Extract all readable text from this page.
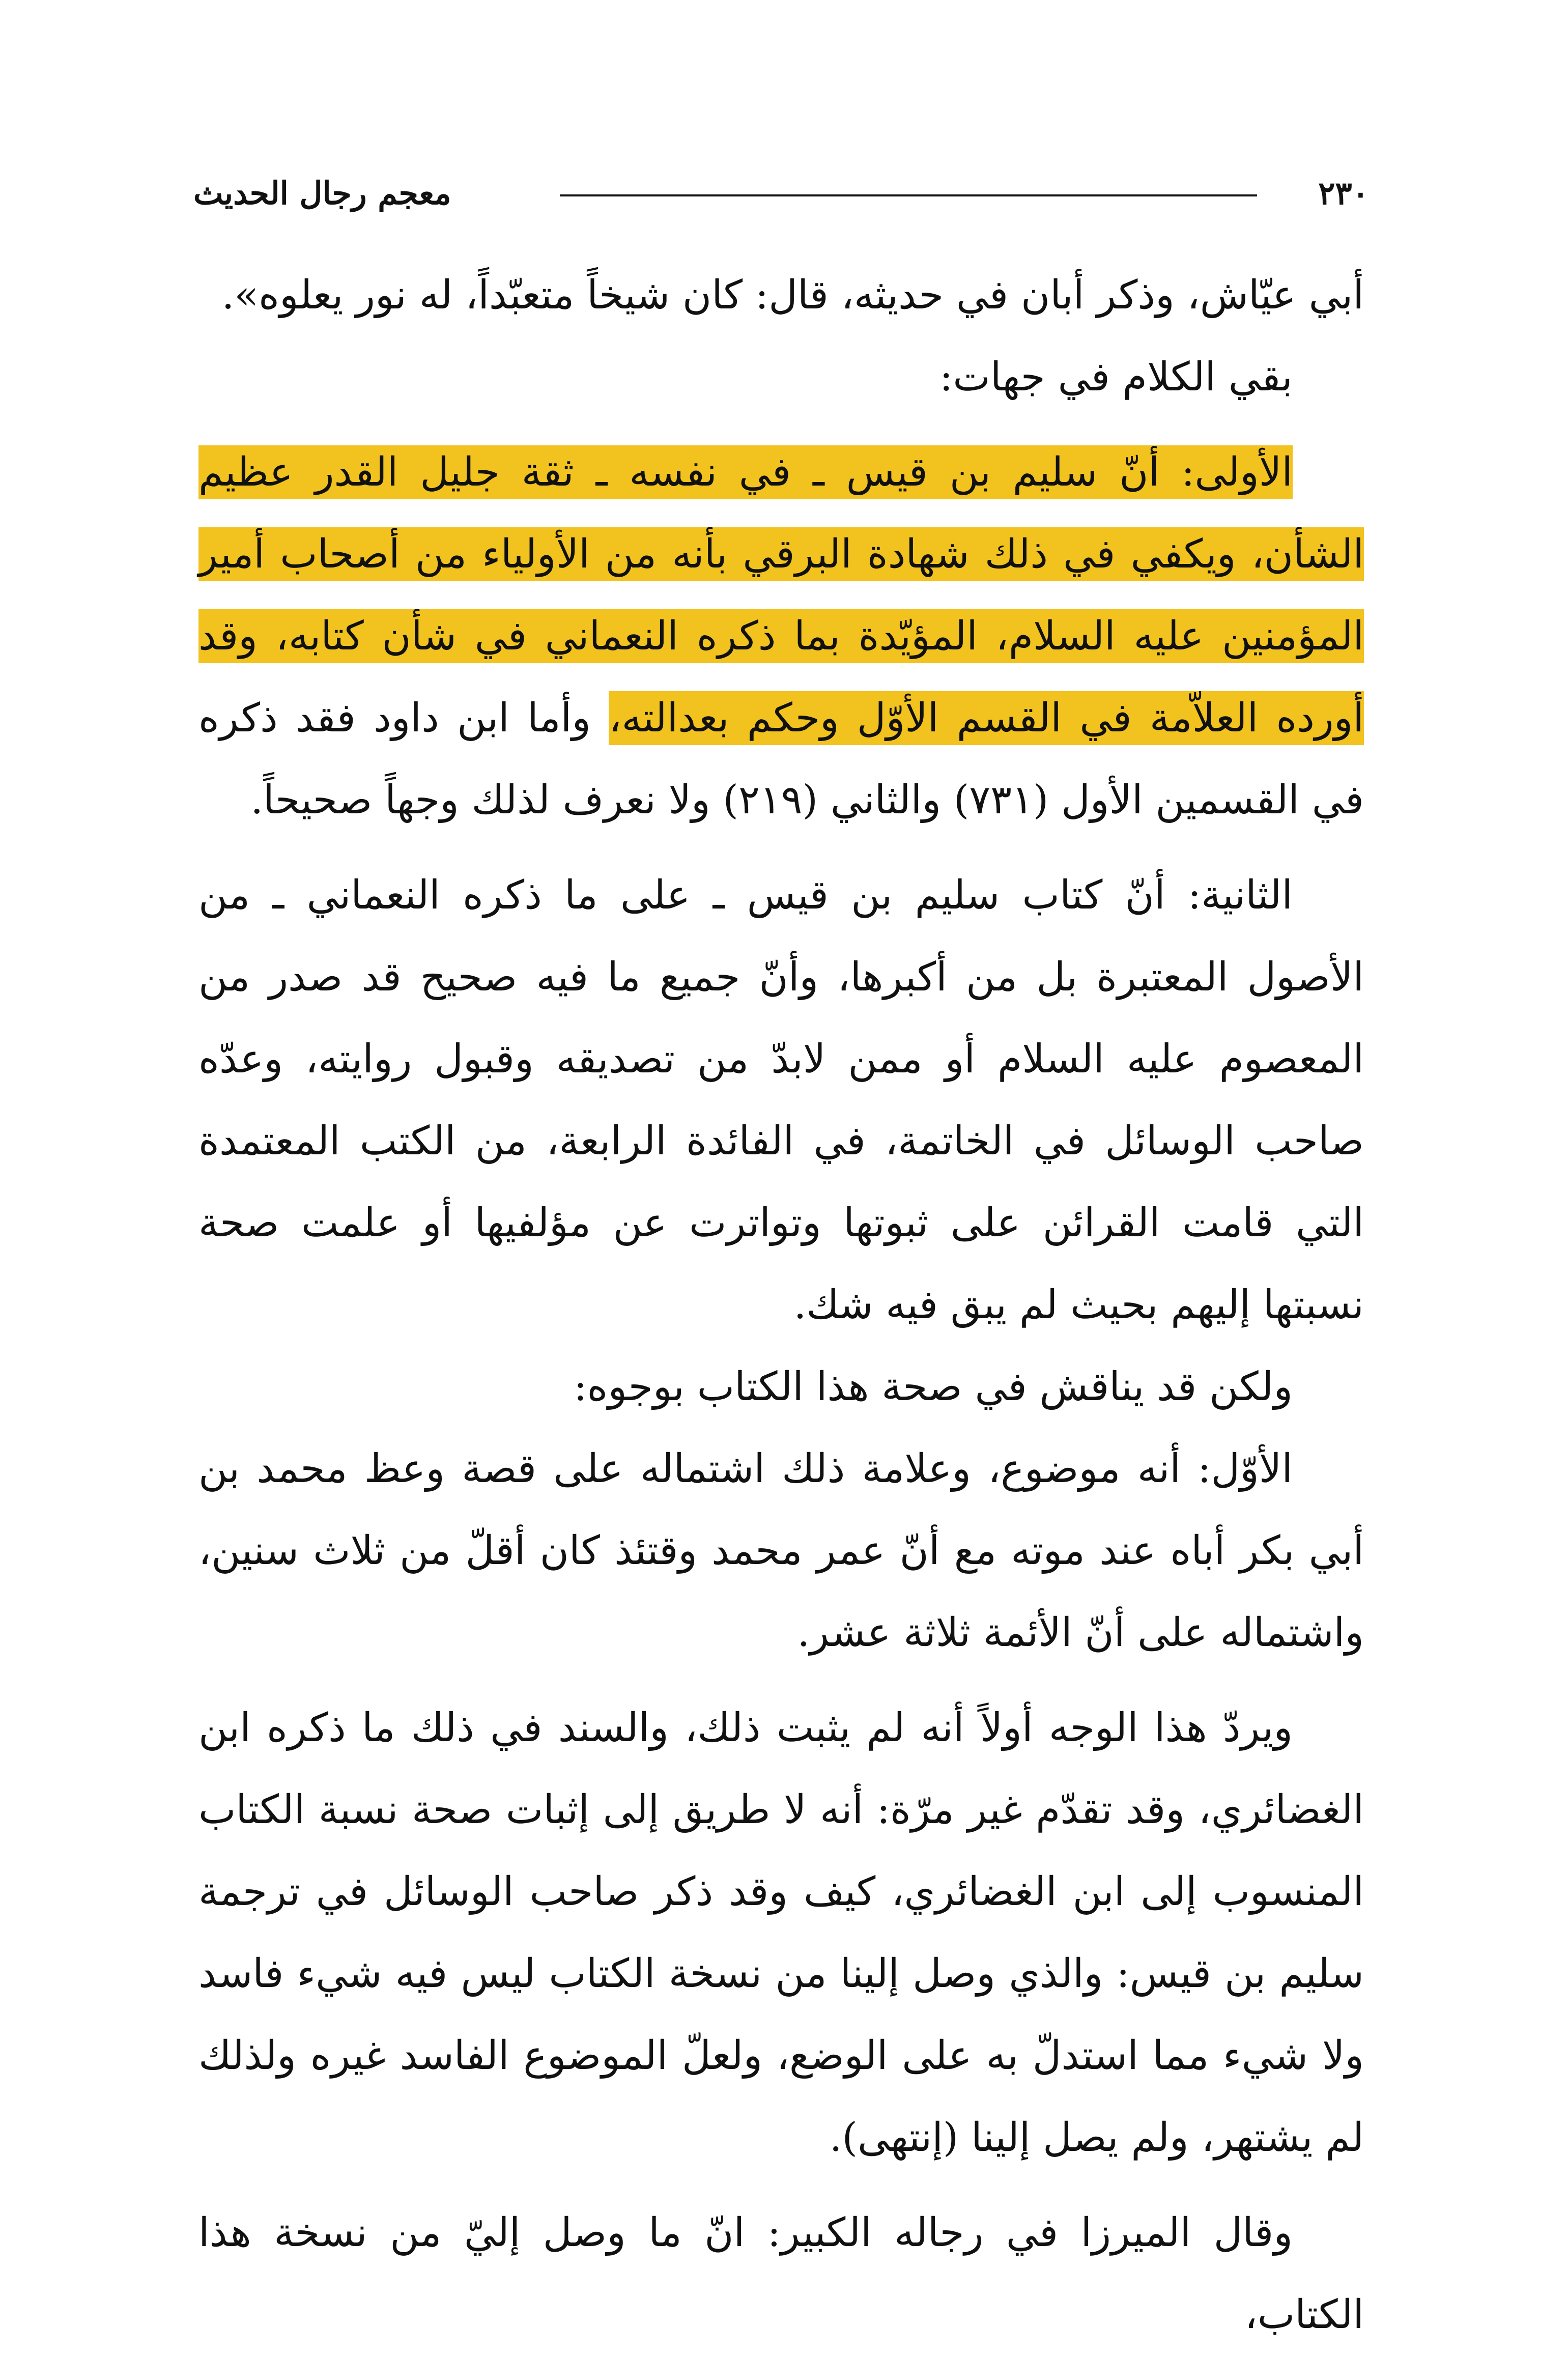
٢٣٠
معجم رجال الحديث

أبي عيّاش، وذكر أبان في حديثه، قال: كان شيخاً متعبّداً، له نور يعلوه».

بقي الكلام في جهات:

الأولى: أنّ سليم بن قيس ـ في نفسه ـ ثقة جليل القدر عظيم الشأن، ويكفي في ذلك شهادة البرقي بأنه من الأولياء من أصحاب أمير المؤمنين عليه السلام، المؤيّدة بما ذكره النعماني في شأن كتابه، وقد أورده العلاّمة في القسم الأوّل وحكم بعدالته، وأما ابن داود فقد ذكره في القسمين الأول (٧٣١) والثاني (٢١٩) ولا نعرف لذلك وجهاً صحيحاً.

الثانية: أنّ كتاب سليم بن قيس ـ على ما ذكره النعماني ـ من الأصول المعتبرة بل من أكبرها، وأنّ جميع ما فيه صحيح قد صدر من المعصوم عليه السلام أو ممن لابدّ من تصديقه وقبول روايته، وعدّه صاحب الوسائل في الخاتمة، في الفائدة الرابعة، من الكتب المعتمدة التي قامت القرائن على ثبوتها وتواترت عن مؤلفيها أو علمت صحة نسبتها إليهم بحيث لم يبق فيه شك.

ولكن قد يناقش في صحة هذا الكتاب بوجوه:

الأوّل: أنه موضوع، وعلامة ذلك اشتماله على قصة وعظ محمد بن أبي بكر أباه عند موته مع أنّ عمر محمد وقتئذ كان أقلّ من ثلاث سنين، واشتماله على أنّ الأئمة ثلاثة عشر.

ويردّ هذا الوجه أولاً أنه لم يثبت ذلك، والسند في ذلك ما ذكره ابن الغضائري، وقد تقدّم غير مرّة: أنه لا طريق إلى إثبات صحة نسبة الكتاب المنسوب إلى ابن الغضائري، كيف وقد ذكر صاحب الوسائل في ترجمة سليم بن قيس: والذي وصل إلينا من نسخة الكتاب ليس فيه شيء فاسد ولا شيء مما استدلّ به على الوضع، ولعلّ الموضوع الفاسد غيره ولذلك لم يشتهر، ولم يصل إلينا (إنتهى).

وقال الميرزا في رجاله الكبير: انّ ما وصل إليّ من نسخة هذا الكتاب،
